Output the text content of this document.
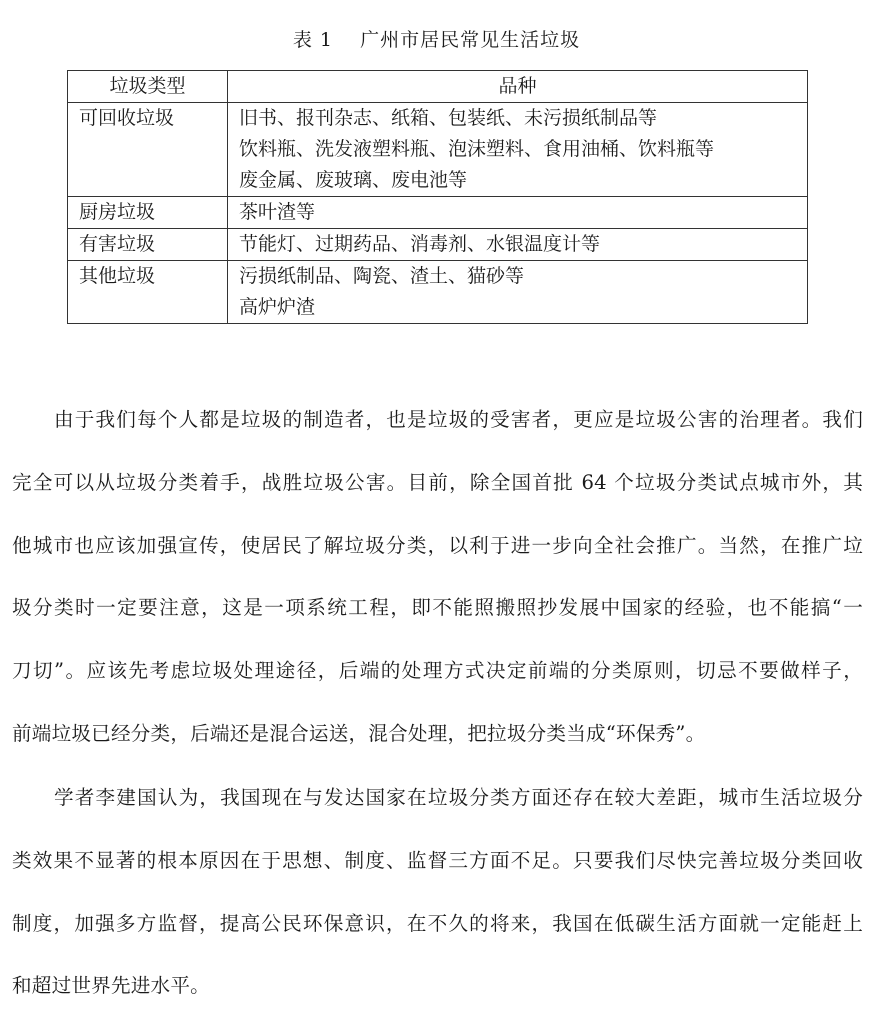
表 1 广州市居民常见生活垃圾
垃圾类型	品种
可回收垃圾	旧书、报刊杂志、纸箱、包装纸、未污损纸制品等
饮料瓶、洗发液塑料瓶、泡沫塑料、食用油桶、饮料瓶等
废金属、废玻璃、废电池等

厨房垃圾	茶叶渣等

有害垃圾	节能灯、过期药品、消毒剂、水银温度计等

其他垃圾	污损纸制品、陶瓷、渣土、猫砂等
高炉炉渣

由于我们每个人都是垃圾的制造者，也是垃圾的受害者，更应是垃圾公害的治理者。我们
完全可以从垃圾分类着手，战胜垃圾公害。目前，除全国首批 64 个垃圾分类试点城市外，其
他城市也应该加强宣传，使居民了解垃圾分类，以利于进一步向全社会推广。当然，在推广垃
圾分类时一定要注意，这是一项系统工程，即不能照搬照抄发展中国家的经验，也不能搞“一
刀切”。应该先考虑垃圾处理途径，后端的处理方式决定前端的分类原则，切忌不要做样子，
前端垃圾已经分类，后端还是混合运送，混合处理，把拉圾分类当成“环保秀”。

学者李建国认为，我国现在与发达国家在垃圾分类方面还存在较大差距，城市生活垃圾分
类效果不显著的根本原因在于思想、制度、监督三方面不足。只要我们尽快完善垃圾分类回收
制度，加强多方监督，提高公民环保意识，在不久的将来，我国在低碳生活方面就一定能赶上
和超过世界先进水平。
